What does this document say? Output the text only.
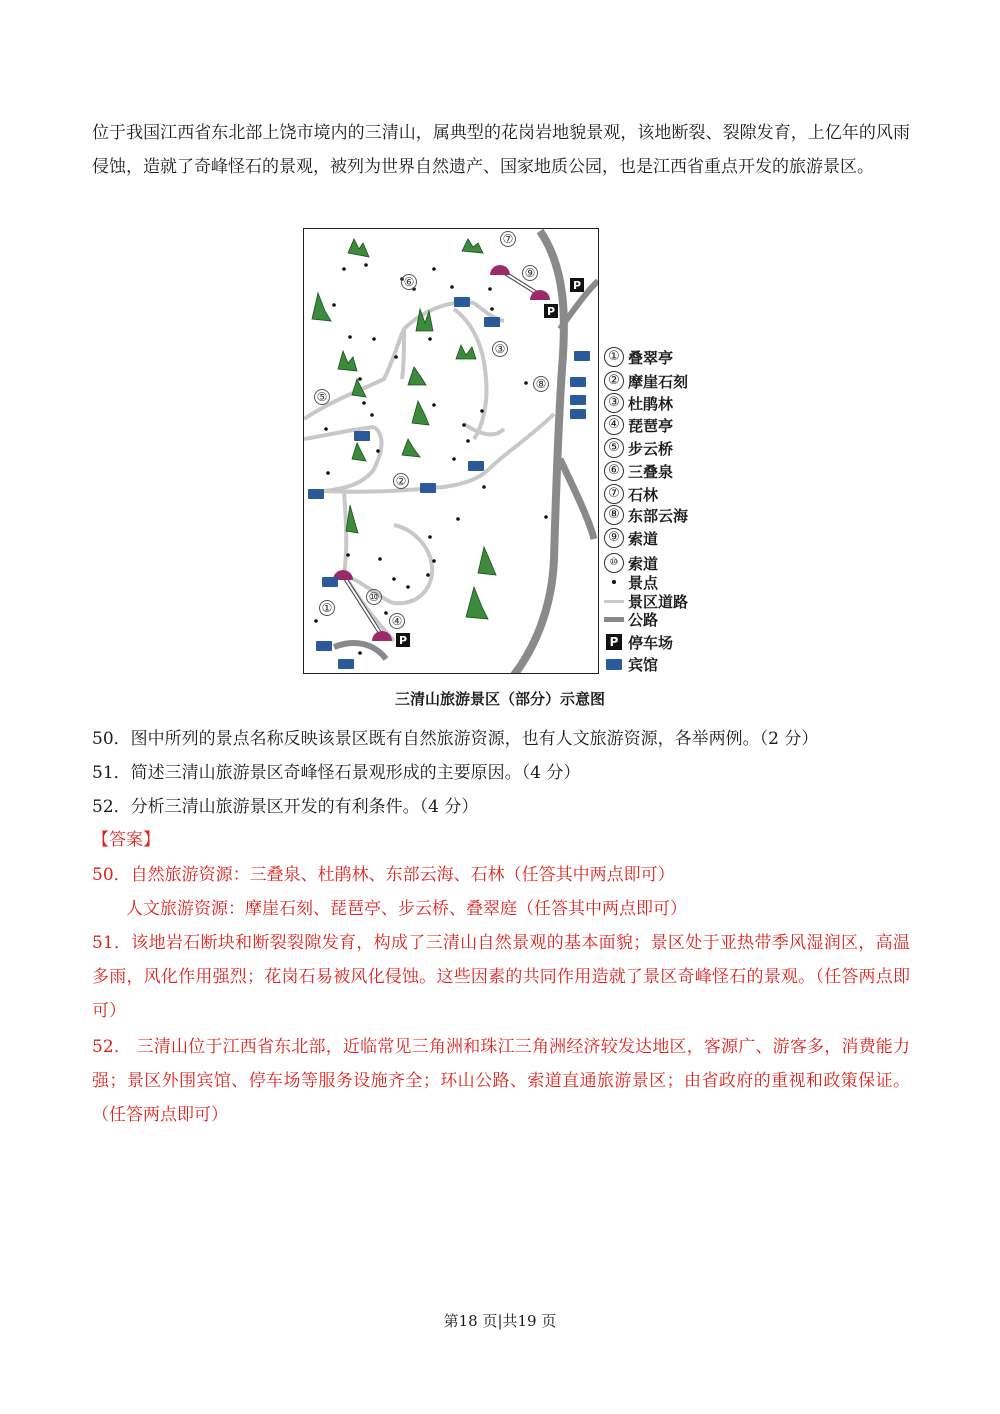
位于我国江西省东北部上饶市境内的三清山，属典型的花岗岩地貌景观，该地断裂、裂隙发育，上亿年的风雨侵蚀，造就了奇峰怪石的景观，被列为世界自然遗产、国家地质公园，也是江西省重点开发的旅游景区。

P
P
P
①
②
③
④
⑤
⑥
⑦
⑧
⑨
⑩
① 叠翠亭
② 摩崖石刻
③ 杜鹃林
④ 琵琶亭
⑤ 步云桥
⑥ 三叠泉
⑦ 石林
⑧ 东部云海
⑨ 索道
⑩ 索道
景点
景区道路
公路
P 停车场
宾馆
三清山旅游景区（部分）示意图

50．图中所列的景点名称反映该景区既有自然旅游资源，也有人文旅游资源，各举两例。（2 分）

51．简述三清山旅游景区奇峰怪石景观形成的主要原因。（4 分）

52．分析三清山旅游景区开发的有利条件。（4 分）

【答案】

50．自然旅游资源：三叠泉、杜鹃林、东部云海、石林（任答其中两点即可）

人文旅游资源：摩崖石刻、琵琶亭、步云桥、叠翠庭（任答其中两点即可）

51．该地岩石断块和断裂裂隙发育，构成了三清山自然景观的基本面貌；景区处于亚热带季风湿润区，高温多雨，风化作用强烈；花岗石易被风化侵蚀。这些因素的共同作用造就了景区奇峰怪石的景观。（任答两点即可）

52． 三清山位于江西省东北部，近临常见三角洲和珠江三角洲经济较发达地区，客源广、游客多，消费能力强；景区外围宾馆、停车场等服务设施齐全；环山公路、索道直通旅游景区；由省政府的重视和政策保证。（任答两点即可）

第18 页|共19 页
